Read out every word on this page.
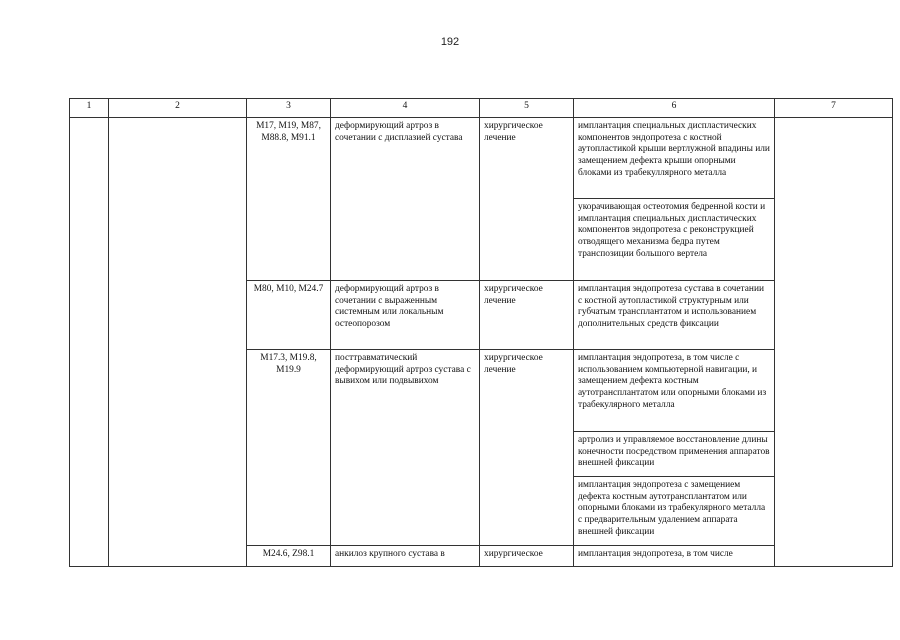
192
1	2	3	4	5	6	7
		M17, M19, M87, M88.8, M91.1	деформирующий артроз в сочетании с дисплазией сустава	хирургическое лечение	имплантация специальных диспластических компонентов эндопротеза с костной аутопластикой крыши вертлужной впадины или замещением дефекта крыши опорными блоками из трабекуллярного металла	
					укорачивающая остеотомия бедренной кости и имплантация специальных диспластических компонентов эндопротеза с реконструкцией отводящего механизма бедра путем транспозиции большого вертела	
		M80, M10, M24.7	деформирующий артроз в сочетании с выраженным системным или локальным остеопорозом	хирургическое лечение	имплантация эндопротеза сустава в сочетании с костной аутопластикой структурным или губчатым трансплантатом и использованием дополнительных средств фиксации	
		M17.3, M19.8, M19.9	посттравматический деформирующий артроз сустава с вывихом или подвывихом	хирургическое лечение	имплантация эндопротеза, в том числе с использованием компьютерной навигации, и замещением дефекта костным аутотрансплантатом или опорными блоками из трабекулярного металла	
					артролиз и управляемое восстановление длины конечности посредством применения аппаратов внешней фиксации	
					имплантация эндопротеза с замещением дефекта костным аутотрансплантатом или опорными блоками из трабекулярного металла с предварительным удалением аппарата внешней фиксации	
		M24.6, Z98.1	анкилоз крупного сустава в	хирургическое	имплантация эндопротеза, в том числе	
